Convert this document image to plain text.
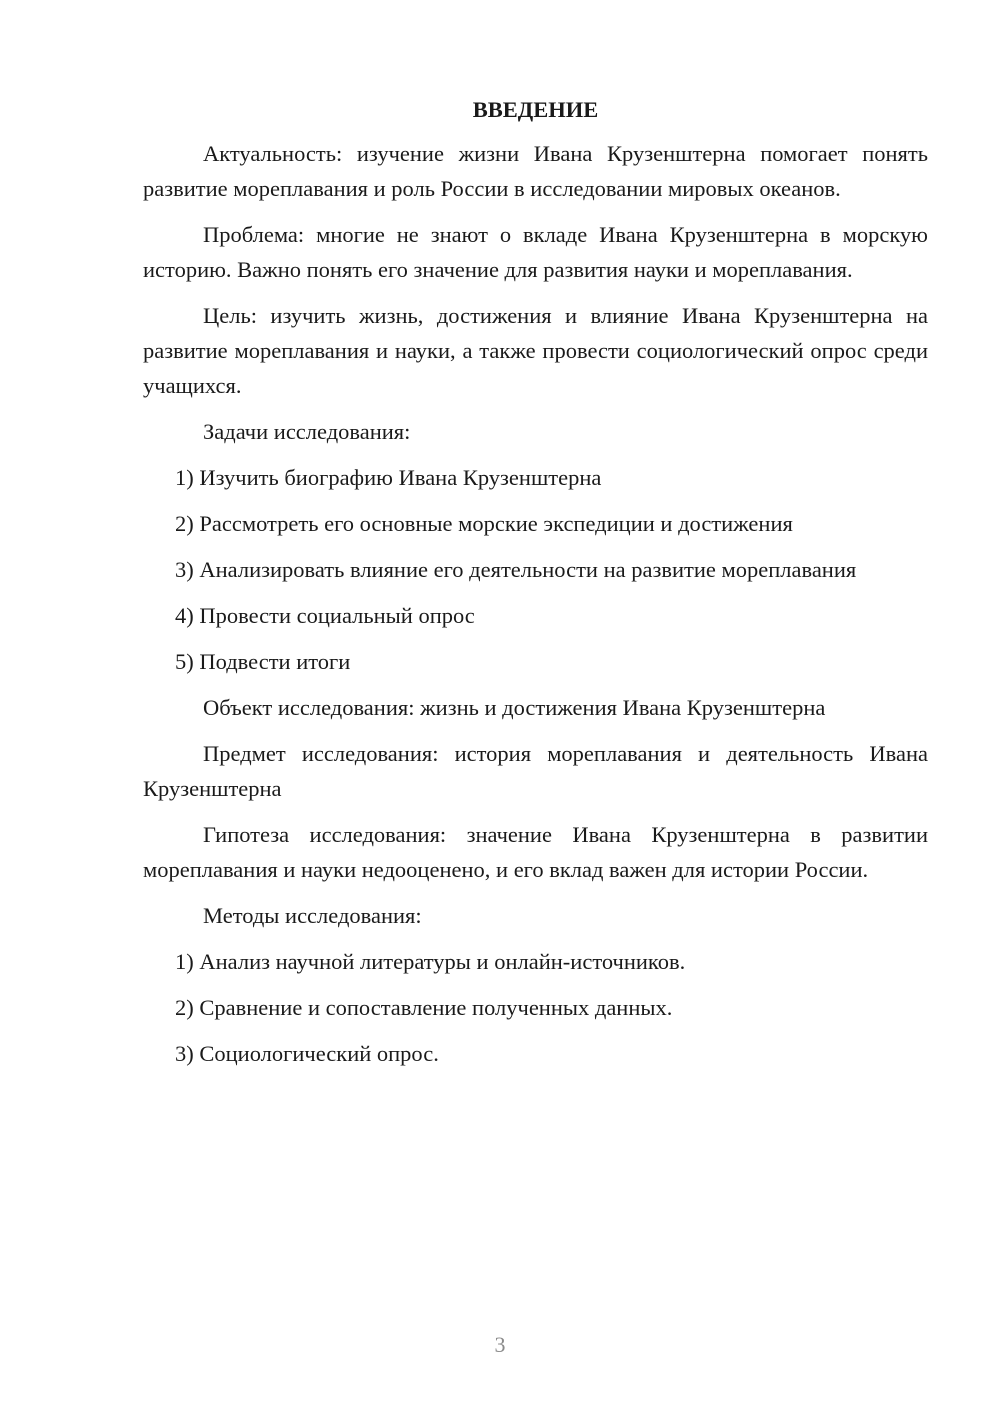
ВВЕДЕНИЕ

Актуальность: изучение жизни Ивана Крузенштерна помогает понять развитие мореплавания и роль России в исследовании мировых океанов.

Проблема: многие не знают о вкладе Ивана Крузенштерна в морскую историю. Важно понять его значение для развития науки и мореплавания.

Цель: изучить жизнь, достижения и влияние Ивана Крузенштерна на развитие мореплавания и науки, а также провести социологический опрос среди учащихся.

Задачи исследования:

1) Изучить биографию Ивана Крузенштерна
2) Рассмотреть его основные морские экспедиции и достижения
3) Анализировать влияние его деятельности на развитие мореплавания
4) Провести социальный опрос
5) Подвести итоги

Объект исследования: жизнь и достижения Ивана Крузенштерна

Предмет исследования: история мореплавания и деятельность Ивана Крузенштерна

Гипотеза исследования: значение Ивана Крузенштерна в развитии мореплавания и науки недооценено, и его вклад важен для истории России.

Методы исследования:

1) Анализ научной литературы и онлайн-источников.
2) Сравнение и сопоставление полученных данных.
3) Социологический опрос.
3
